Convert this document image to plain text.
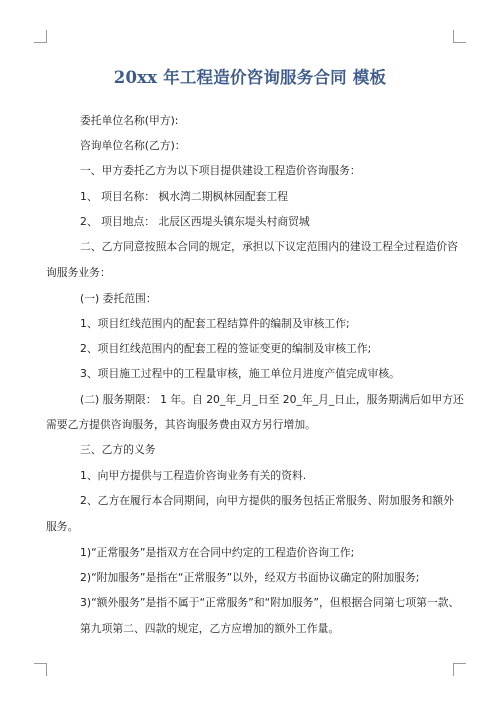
20xx 年工程造价咨询服务合同 模板
委托单位名称(甲方):
咨询单位名称(乙方)：
一、甲方委托乙方为以下项目提供建设工程造价咨询服务：
1、 项目名称： 枫水湾二期枫林园配套工程
2、 项目地点： 北辰区西堤头镇东堤头村商贸城
二、乙方同意按照本合同的规定，承担以下议定范围内的建设工程全过程造价咨
询服务业务：
(一) 委托范围：
1、项目红线范围内的配套工程结算件的编制及审核工作;
2、项目红线范围内的配套工程的签证变更的编制及审核工作;
3、项目施工过程中的工程量审核，施工单位月进度产值完成审核。
(二) 服务期限： 1 年。自 20_年_月_日至 20_年_月_日止，服务期满后如甲方还
需要乙方提供咨询服务，其咨询服务费由双方另行增加。
三、乙方的义务
1、向甲方提供与工程造价咨询业务有关的资料.
2、乙方在履行本合同期间，向甲方提供的服务包括正常服务、附加服务和额外
服务。
1)“正常服务”是指双方在合同中约定的工程造价咨询工作;
2)“附加服务”是指在“正常服务”以外，经双方书面协议确定的附加服务;
3)“额外服务”是指不属于“正常服务”和“附加服务”，但根据合同第七项第一款、
第九项第二、四款的规定，乙方应增加的额外工作量。
